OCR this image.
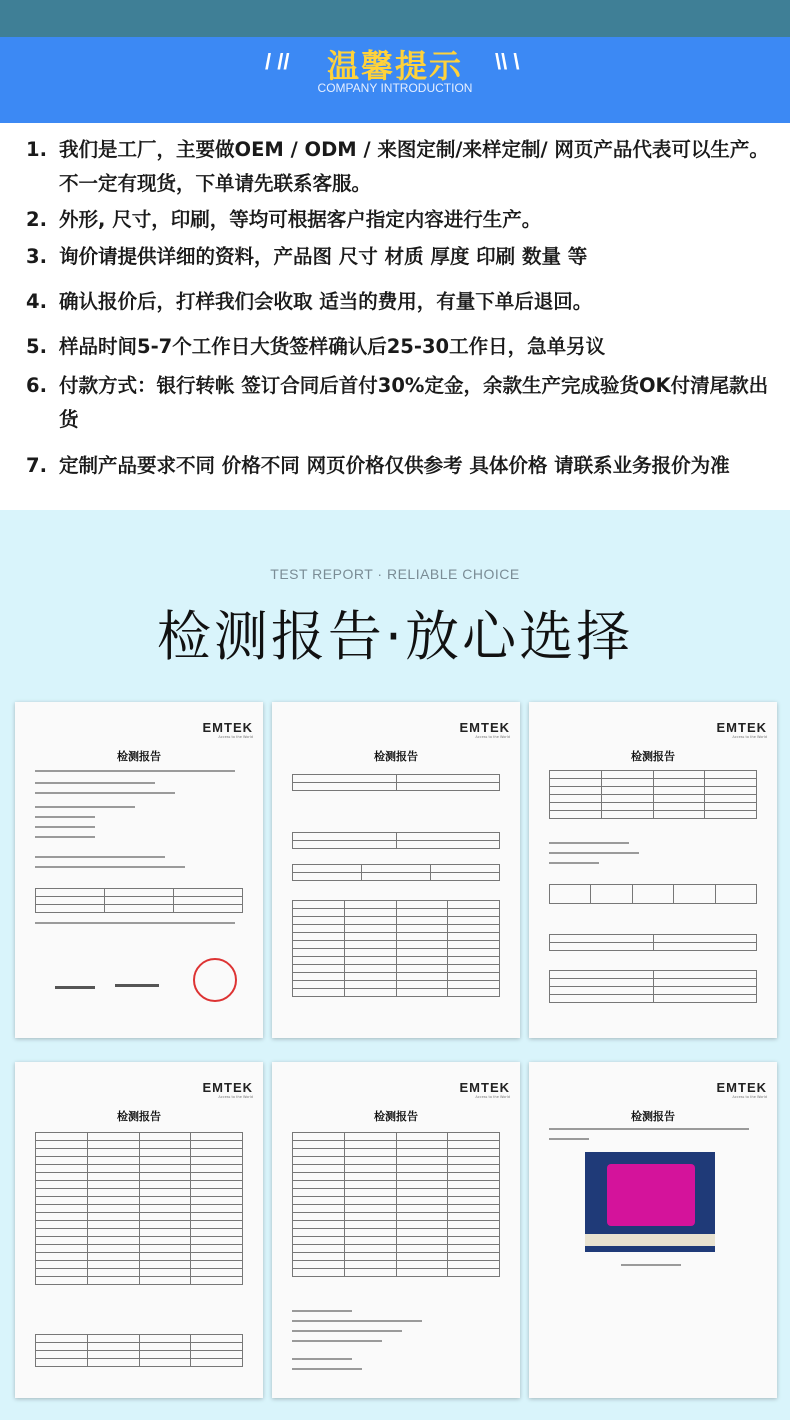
/ //	\\ \
温馨提示
COMPANY INTRODUCTION
1. 我们是工厂，主要做OEM / ODM / 来图定制/来样定制/ 网页产品代表可以生产。不一定有现货，下单请先联系客服。
2. 外形, 尺寸，印刷，等均可根据客户指定内容进行生产。
3. 询价请提供详细的资料，产品图 尺寸 材质 厚度 印刷 数量 等
4. 确认报价后，打样我们会收取 适当的费用，有量下单后退回。
5. 样品时间5-7个工作日大货签样确认后25-30工作日，急单另议
6. 付款方式：银行转帐 签订合同后首付30%定金，余款生产完成验货OK付清尾款出货
7. 定制产品要求不同 价格不同 网页价格仅供参考 具体价格 请联系业务报价为准
TEST REPORT · RELIABLE CHOICE
检测报告·放心选择
EMTEK
Access to the World
检测报告

EMTEK
Access to the World
检测报告

EMTEK
Access to the World
检测报告

EMTEK
Access to the World
检测报告

EMTEK
Access to the World
检测报告

EMTEK
Access to the World
检测报告
